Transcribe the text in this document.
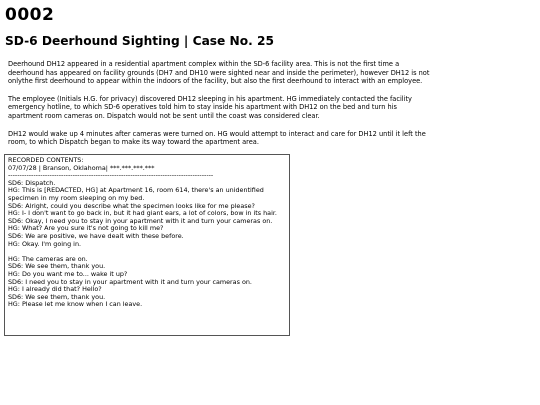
0002
SD-6 Deerhound Sighting | Case No. 25

Deerhound DH12 appeared in a residential apartment complex within the SD-6 facility area. This is not the first time a deerhound has appeared on facility grounds (DH7 and DH10 were sighted near and inside the perimeter), however DH12 is not onlythe first deerhound to appear within the indoors of the facility, but also the first deerhound to interact with an employee.

The employee (Initials H.G. for privacy) discovered DH12 sleeping in his apartment. HG immediately contacted the facility emergency hotline, to which SD-6 operatives told him to stay inside his apartment with DH12 on the bed and turn his apartment room cameras on. Dispatch would not be sent until the coast was considered clear.

DH12 would wake up 4 minutes after cameras were turned on. HG would attempt to interact and care for DH12 until it left the room, to which Dispatch began to make its way toward the apartment area.

RECORDED CONTENTS:
07/07/28 | Branson, Oklahoma| ***.***.***.***
-----------------------------------------------------------------------------------------
SD6: Dispatch.
HG: This is [REDACTED, HG] at Apartment 16, room 614, there's an unidentified specimen in my room sleeping on my bed.
SD6: Alright, could you describe what the specimen looks like for me please?
HG: I- I don't want to go back in, but it had giant ears, a lot of colors, bow in its hair.
SD6: Okay, I need you to stay in your apartment with it and turn your cameras on.
HG: What? Are you sure it's not going to kill me?
SD6: We are positive, we have dealt with these before.
HG: Okay. I'm going in.
HG: The cameras are on.
SD6: We see them, thank you.
HG: Do you want me to... wake it up?
SD6: I need you to stay in your apartment with it and turn your cameras on.
HG: I already did that? Hello?
SD6: We see them, thank you.
HG: Please let me know when I can leave.
